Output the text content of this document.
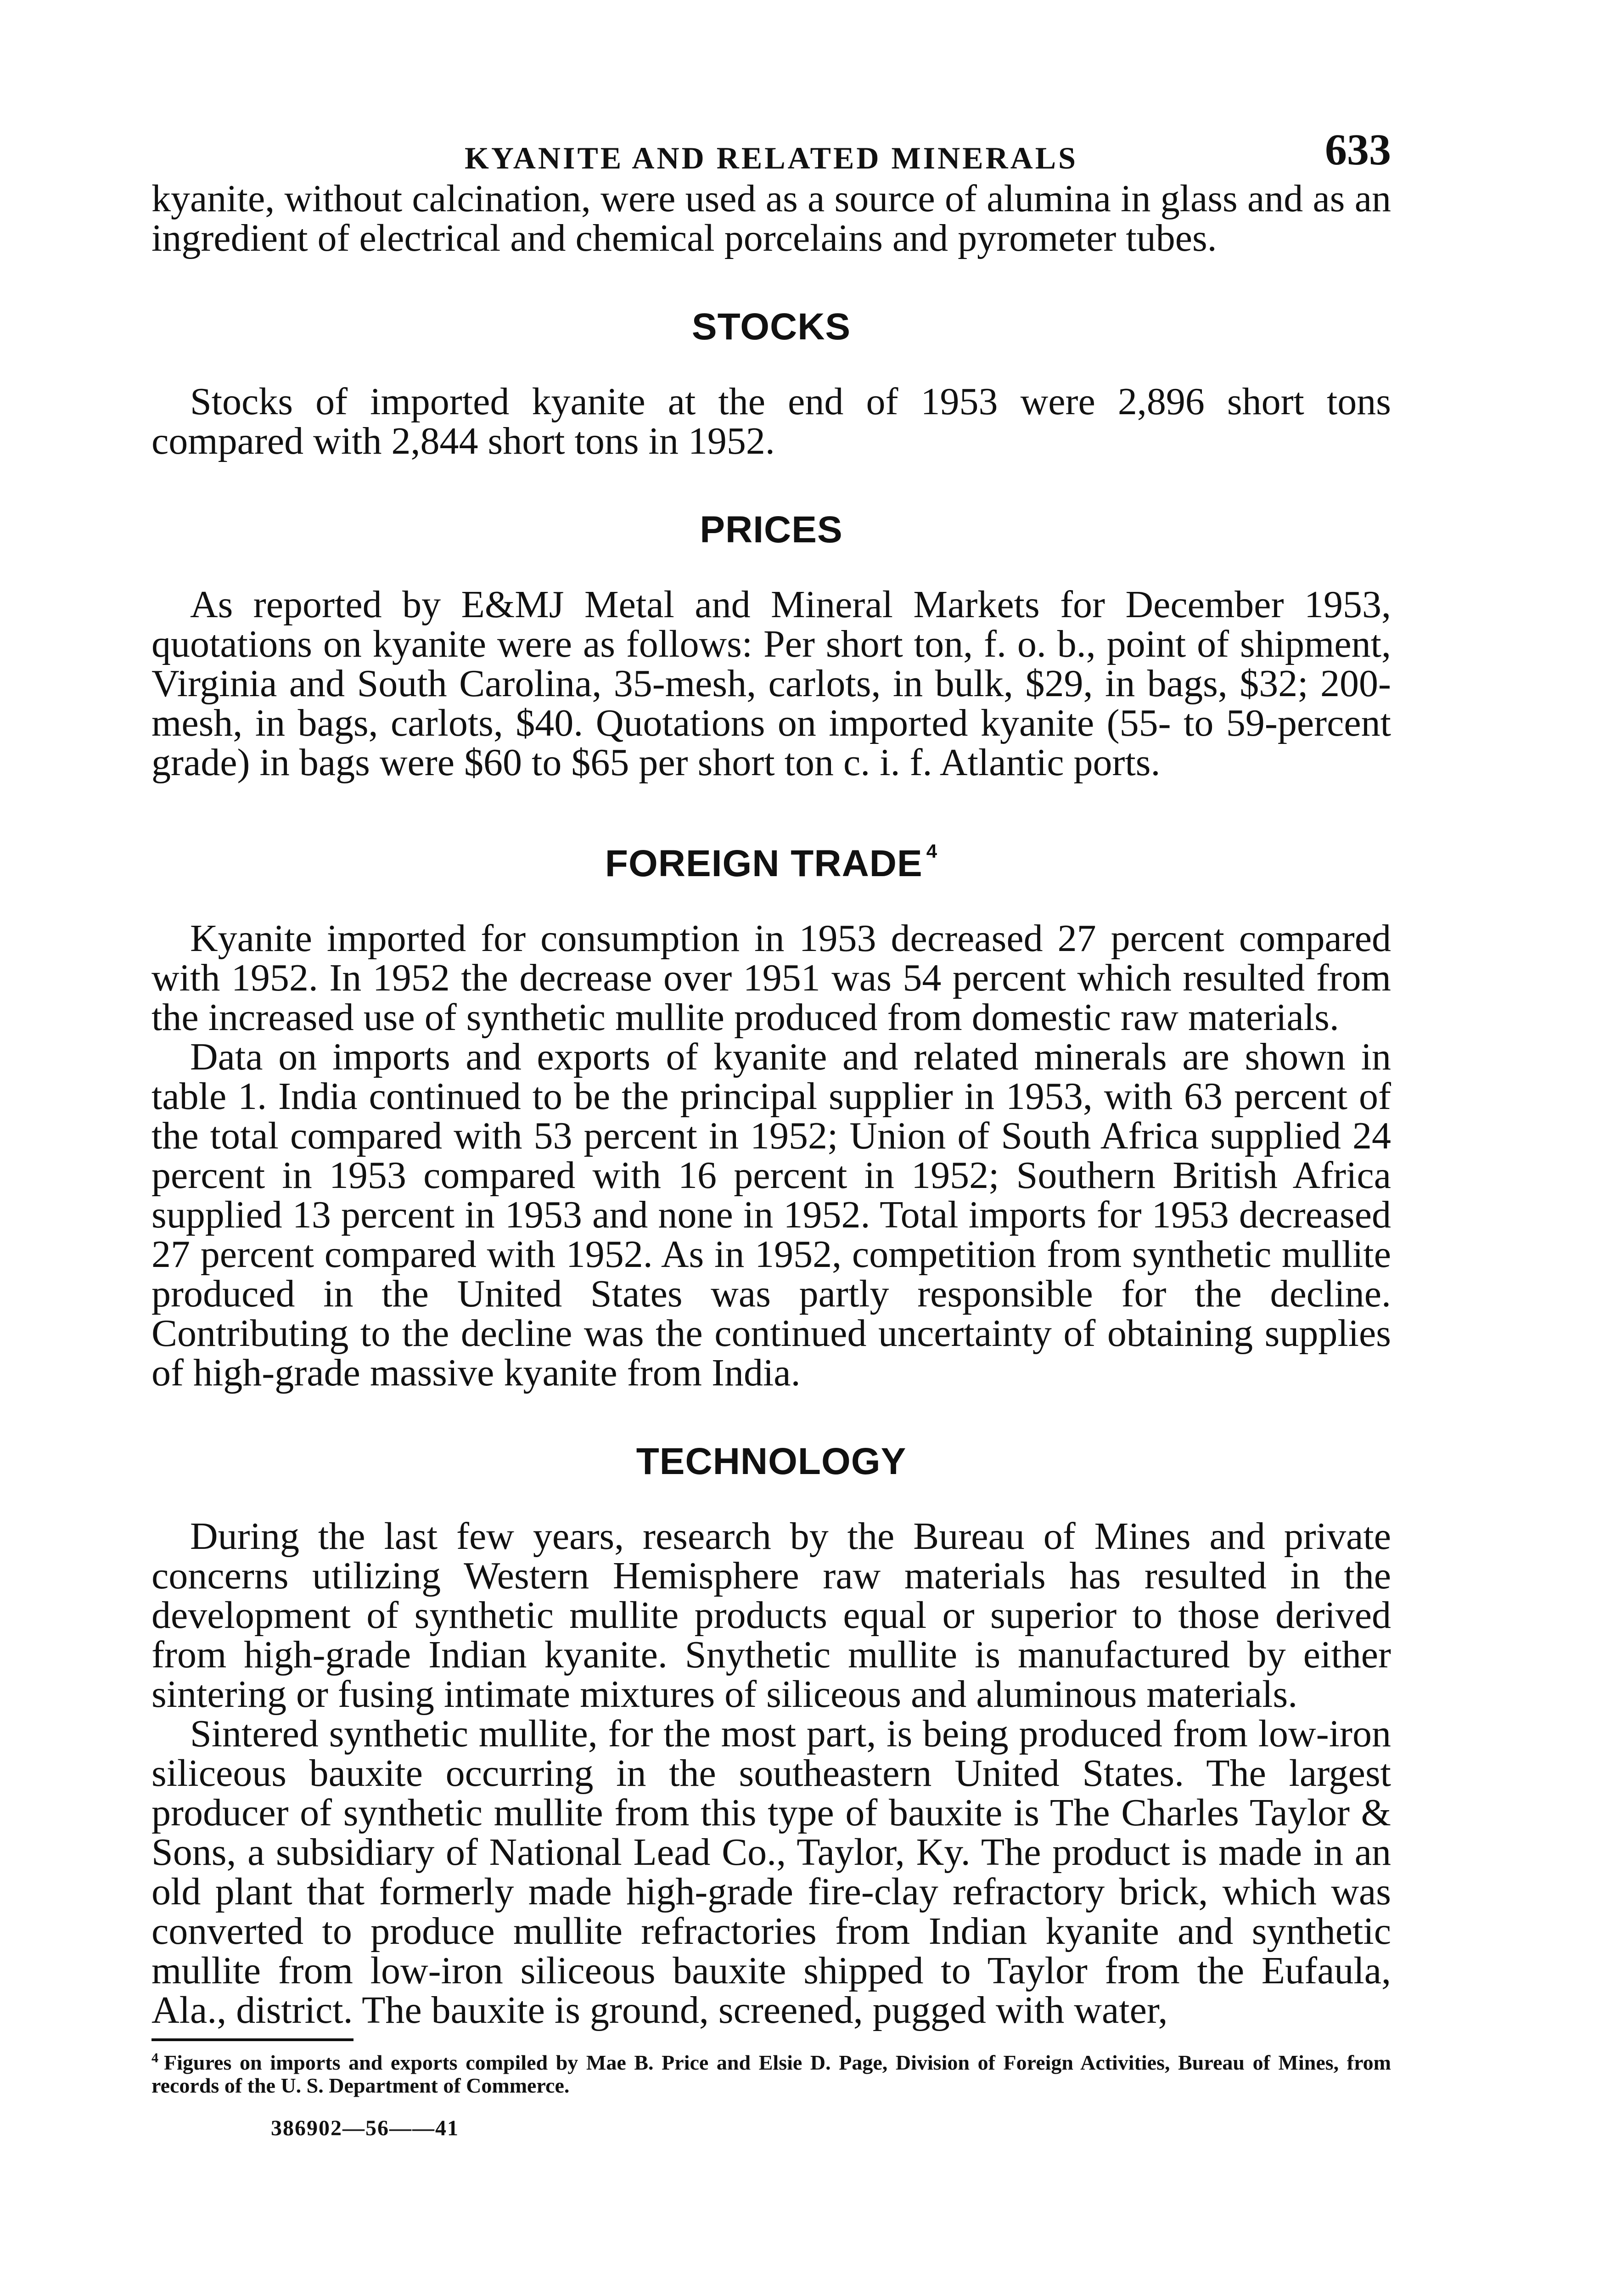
KYANITE AND RELATED MINERALS	633

kyanite, without calcination, were used as a source of alumina in glass and as an ingredient of electrical and chemical porcelains and pyrometer tubes.

STOCKS

Stocks of imported kyanite at the end of 1953 were 2,896 short tons compared with 2,844 short tons in 1952.

PRICES

As reported by E&MJ Metal and Mineral Markets for December 1953, quotations on kyanite were as follows: Per short ton, f. o. b., point of shipment, Virginia and South Carolina, 35-mesh, carlots, in bulk, $29, in bags, $32; 200-mesh, in bags, carlots, $40. Quotations on imported kyanite (55- to 59-percent grade) in bags were $60 to $65 per short ton c. i. f. Atlantic ports.

FOREIGN TRADE $^4$

Kyanite imported for consumption in 1953 decreased 27 percent compared with 1952. In 1952 the decrease over 1951 was 54 percent which resulted from the increased use of synthetic mullite produced from domestic raw materials.

Data on imports and exports of kyanite and related minerals are shown in table 1. India continued to be the principal supplier in 1953, with 63 percent of the total compared with 53 percent in 1952; Union of South Africa supplied 24 percent in 1953 compared with 16 percent in 1952; Southern British Africa supplied 13 percent in 1953 and none in 1952. Total imports for 1953 decreased 27 percent compared with 1952. As in 1952, competition from synthetic mullite produced in the United States was partly responsible for the decline. Contributing to the decline was the continued uncertainty of obtaining supplies of high-grade massive kyanite from India.

TECHNOLOGY

During the last few years, research by the Bureau of Mines and private concerns utilizing Western Hemisphere raw materials has resulted in the development of synthetic mullite products equal or superior to those derived from high-grade Indian kyanite. Snythetic mullite is manufactured by either sintering or fusing intimate mixtures of siliceous and aluminous materials.

Sintered synthetic mullite, for the most part, is being produced from low-iron siliceous bauxite occurring in the southeastern United States. The largest producer of synthetic mullite from this type of bauxite is The Charles Taylor & Sons, a subsidiary of National Lead Co., Taylor, Ky. The product is made in an old plant that formerly made high-grade fire-clay refractory brick, which was converted to produce mullite refractories from Indian kyanite and synthetic mullite from low-iron siliceous bauxite shipped to Taylor from the Eufaula, Ala., district. The bauxite is ground, screened, pugged with water,

$^4$ Figures on imports and exports compiled by Mae B. Price and Elsie D. Page, Division of Foreign Activities, Bureau of Mines, from records of the U. S. Department of Commerce.

386902—56——41
